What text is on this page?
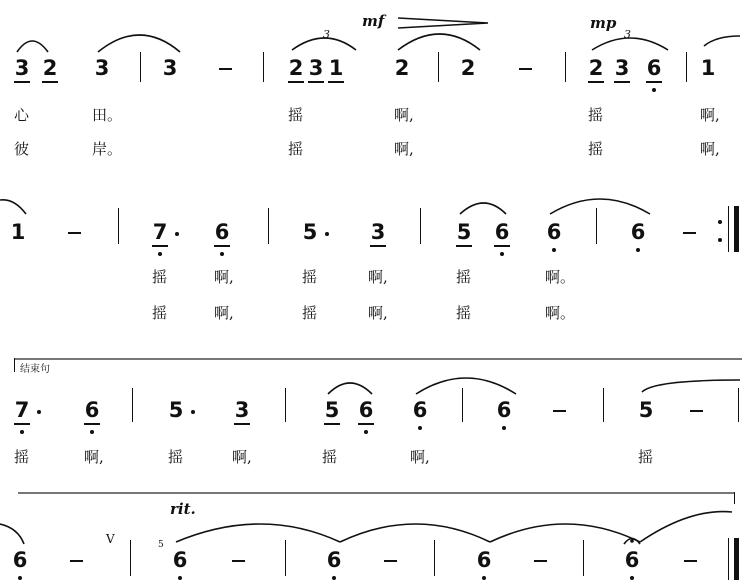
3 2 3	3	2 3 1 2 2	2 3 6 1
3	3
mf	mp
心	田。	摇	啊,	摇	啊,
彼	岸。	摇	啊,	摇	啊,
1	7 6	5	3	5 6 6	6
摇	啊,	摇	啊,	摇	啊。
摇	啊,	摇	啊,	摇	啊。
结束句
7	6	5 3	5 6 6	6	5
摇	啊,	摇	啊,	摇	啊,	摇
rit.
V	5
6	6	6	6	6
